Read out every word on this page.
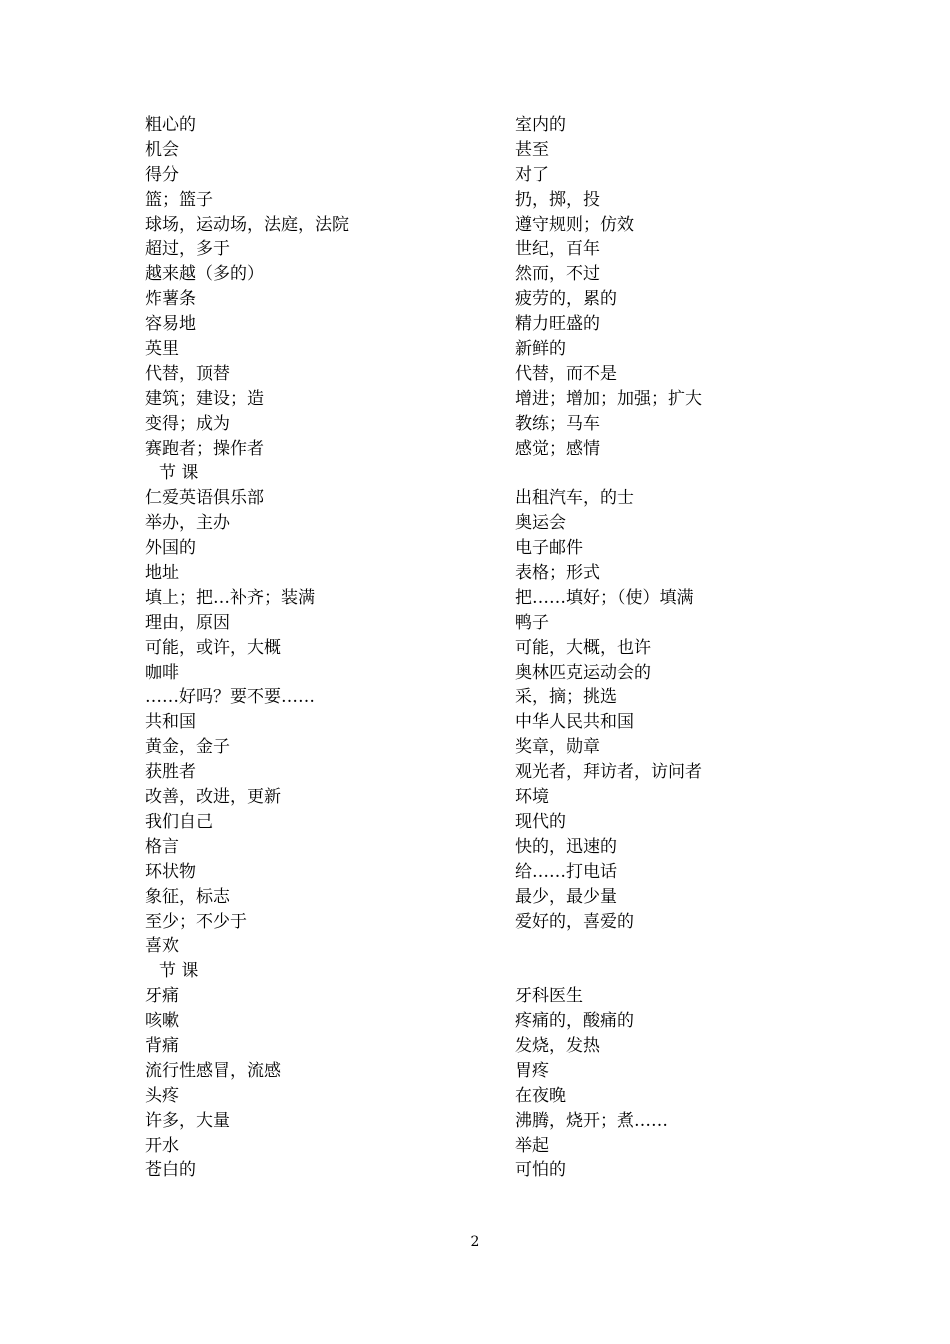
粗心的
机会
得分
篮；篮子
球场，运动场，法庭，法院
超过，多于
越来越（多的）
炸薯条
容易地
英里
代替，顶替
建筑；建设；造
变得；成为
赛跑者；操作者
节 课
仁爱英语俱乐部
举办，主办
外国的
地址
填上；把…补齐；装满
理由，原因
可能，或许，大概
咖啡
……好吗？要不要……
共和国
黄金，金子
获胜者
改善，改进，更新
我们自己
格言
环状物
象征，标志
至少；不少于
喜欢
节 课
牙痛
咳嗽
背痛
流行性感冒，流感
头疼
许多，大量
开水
苍白的
室内的
甚至
对了
扔，掷，投
遵守规则；仿效
世纪，百年
然而，不过
疲劳的，累的
精力旺盛的
新鲜的
代替，而不是
增进；增加；加强；扩大
教练；马车
感觉；感情
出租汽车，的士
奥运会
电子邮件
表格；形式
把……填好；（使）填满
鸭子
可能，大概，也许
奥林匹克运动会的
采，摘；挑选
中华人民共和国
奖章，勋章
观光者，拜访者，访问者
环境
现代的
快的，迅速的
给……打电话
最少，最少量
爱好的，喜爱的
牙科医生
疼痛的，酸痛的
发烧，发热
胃疼
在夜晚
沸腾，烧开；煮……
举起
可怕的
2
